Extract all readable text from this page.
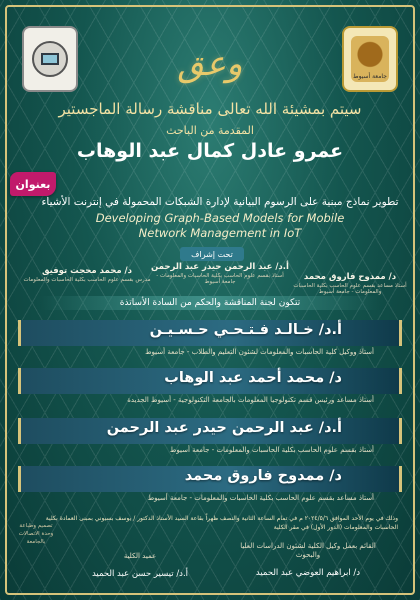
جامعة أسيوط
وعق
سيتم بمشيئة الله تعالى مناقشة رسالة الماجستير
المقدمة من الباحث
عمرو عادل كمال عبد الوهاب
بعنوان
تطوير نماذج مبنية على الرسوم البيانية لإدارة الشبكات المحمولة في إنترنت الأشياء
Developing Graph-Based Models for Mobile Network Management in IoT
تحت إشراف
أ.د/ عبد الرحمن حيدر عبد الرحمن
أستاذ بقسم علوم الحاسب بكلية الحاسبات والمعلومات - جامعة أسيوط	د/ ممدوح فاروق محمد
أستاذ مساعد بقسم علوم الحاسب بكلية الحاسبات والمعلومات - جامعة أسيوط
د/ محمد محجت توفيق
مدرس بقسم علوم الحاسب بكلية الحاسبات والمعلومات
تتكون لجنة المناقشة والحكم من السادة الأساتذة
أ.د/ خـالـد فـتـحـي حـسـيـن
أستاذ ووكيل كلية الحاسبات والمعلومات لشئون التعليم والطلاب - جامعة أسيوط
د/ محمد أحمد عبد الوهاب
أستاذ مساعد ورئيس قسم تكنولوجيا المعلومات بالجامعة التكنولوجية - أسيوط الجديدة
أ.د/ عبد الرحمن حيدر عبد الرحمن
أستاذ بقسم علوم الحاسب بكلية الحاسبات والمعلومات - جامعة أسيوط
د/ ممدوح فاروق محمد
أستاذ مساعد بقسم علوم الحاسب بكلية الحاسبات والمعلومات - جامعة أسيوط
وذلك في يوم الأحد الموافق ٢٠٢٤/٥/٦ م في تمام الساعة الثانية والنصف ظهراً بقاعة السيد الأستاذ الدكتور / يوسف بسيوني بمبنى العمادة بكلية الحاسبات والمعلومات (الدور الأول) في مقر الكلية
القائم بعمل وكيل الكلية لشئون الدراسات العليا والبحوث
د/ ابراهيم العوضي عبد الحميد
عميد الكلية
أ.د/ تيسير حسن عبد الحميد
تصميم وطباعة وحدة الاتصالات بالجامعة
